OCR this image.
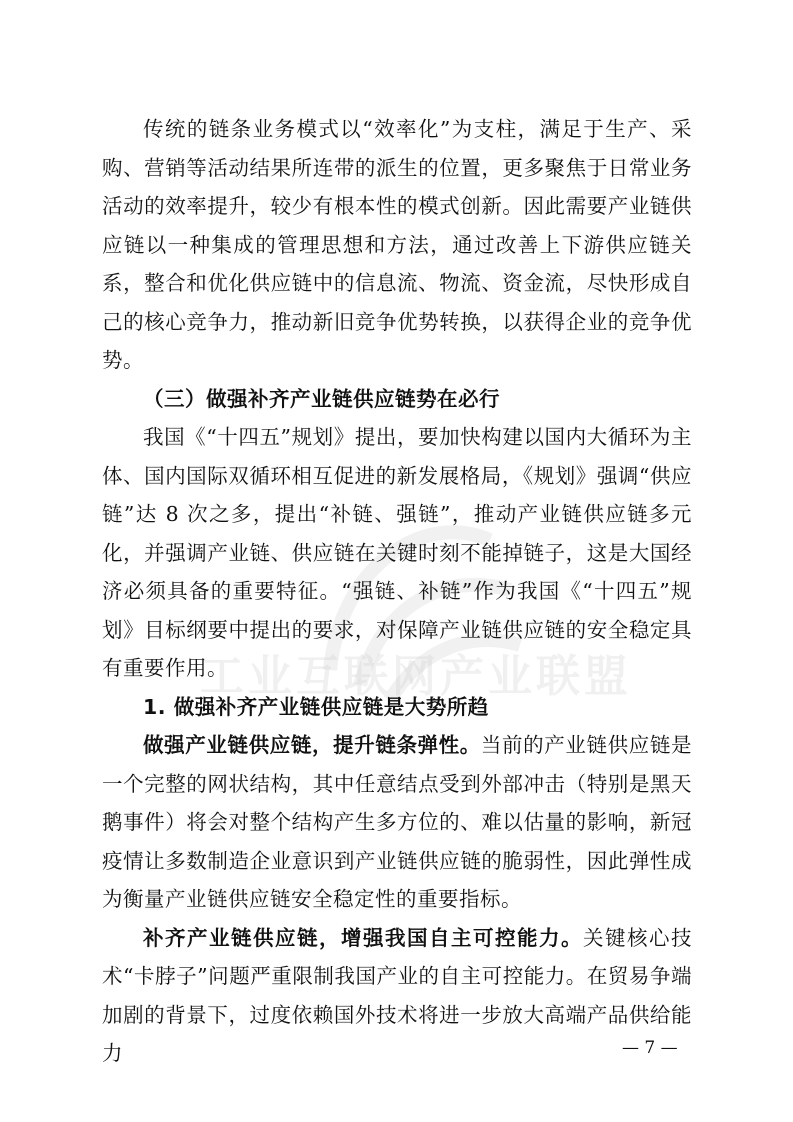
工业互联网产业联盟

传统的链条业务模式以“效率化”为支柱，满足于生产、采购、营销等活动结果所连带的派生的位置，更多聚焦于日常业务活动的效率提升，较少有根本性的模式创新。因此需要产业链供应链以一种集成的管理思想和方法，通过改善上下游供应链关系，整合和优化供应链中的信息流、物流、资金流，尽快形成自己的核心竞争力，推动新旧竞争优势转换，以获得企业的竞争优势。

（三）做强补齐产业链供应链势在必行

我国《“十四五”规划》提出，要加快构建以国内大循环为主体、国内国际双循环相互促进的新发展格局，《规划》强调“供应链”达 8 次之多，提出“补链、强链”，推动产业链供应链多元化，并强调产业链、供应链在关键时刻不能掉链子，这是大国经济必须具备的重要特征。“强链、补链”作为我国《“十四五”规划》目标纲要中提出的要求，对保障产业链供应链的安全稳定具有重要作用。

1. 做强补齐产业链供应链是大势所趋

做强产业链供应链，提升链条弹性。当前的产业链供应链是一个完整的网状结构，其中任意结点受到外部冲击（特别是黑天鹅事件）将会对整个结构产生多方位的、难以估量的影响，新冠疫情让多数制造企业意识到产业链供应链的脆弱性，因此弹性成为衡量产业链供应链安全稳定性的重要指标。

补齐产业链供应链，增强我国自主可控能力。关键核心技术“卡脖子”问题严重限制我国产业的自主可控能力。在贸易争端加剧的背景下，过度依赖国外技术将进一步放大高端产品供给能力	— 7 —
